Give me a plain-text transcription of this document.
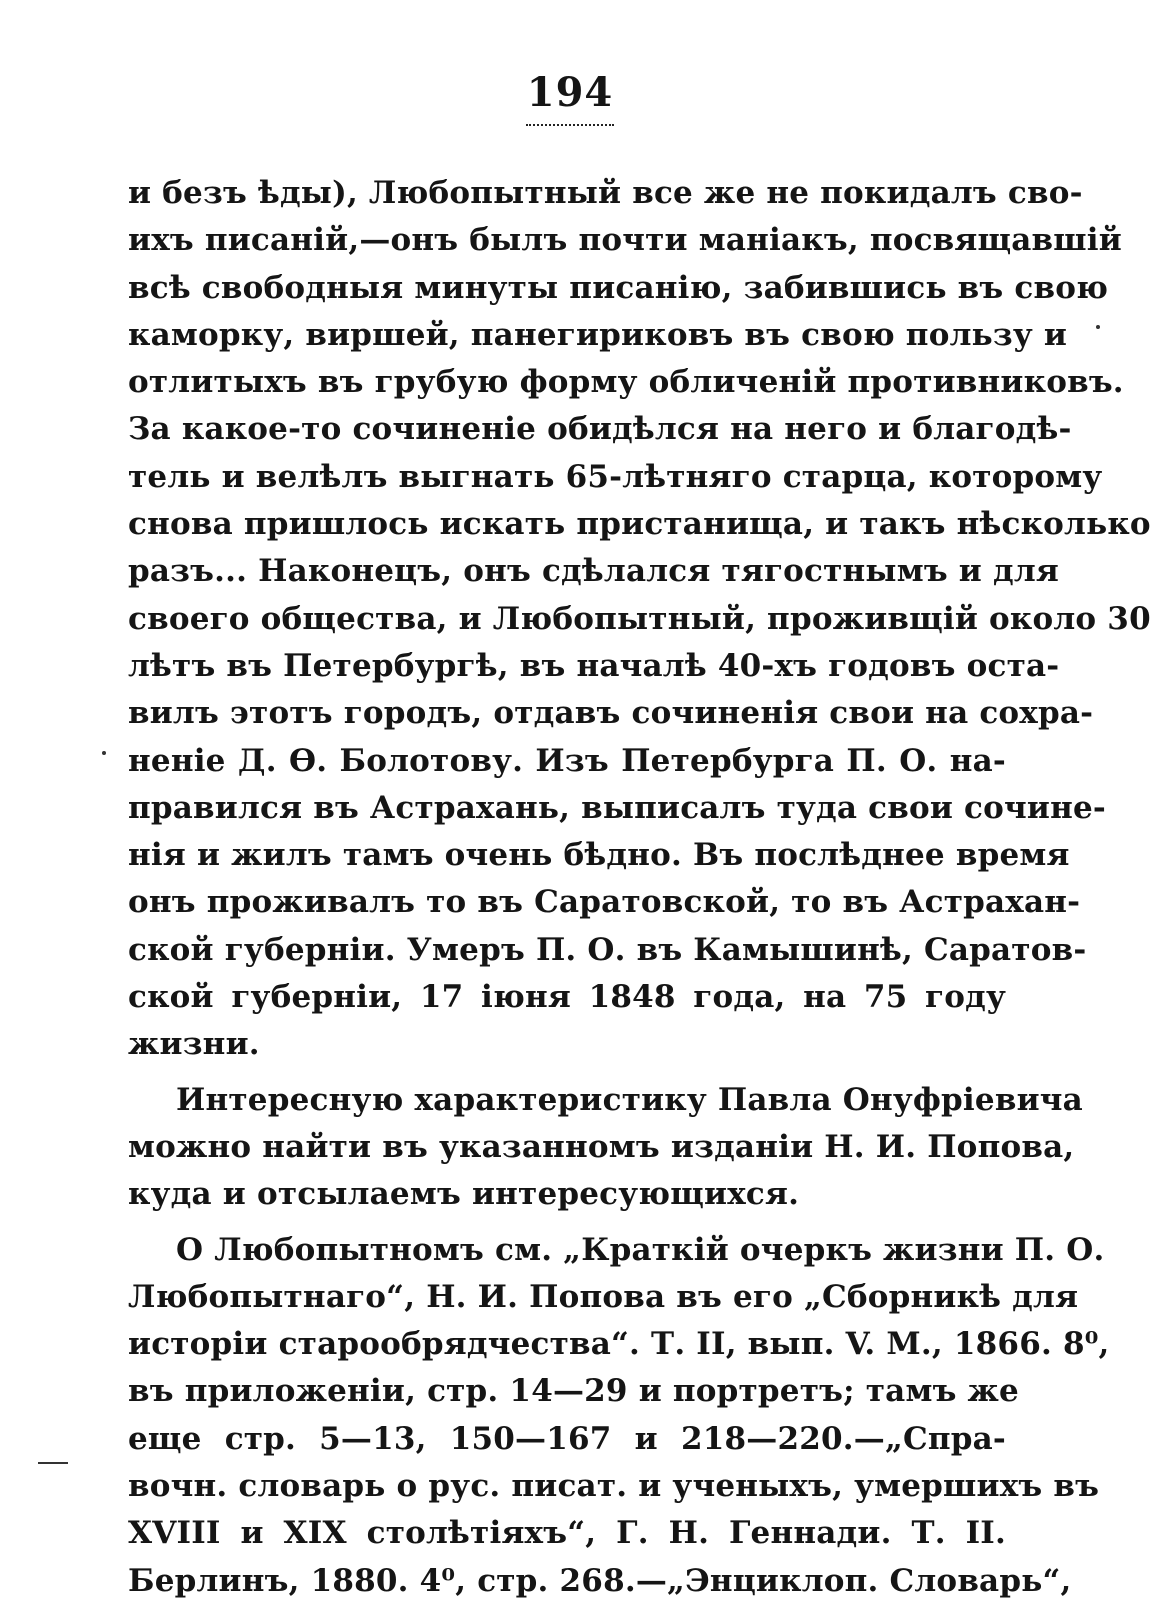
194
и безъ ѣды), Любопытный все же не покидалъ сво-
ихъ писаній,—онъ былъ почти маніакъ, посвящавшій
всѣ свободныя минуты писанію, забившись въ свою
каморку, виршей, панегириковъ въ свою пользу и
отлитыхъ въ грубую форму обличеній противниковъ.
За какое-то сочиненіе обидѣлся на него и благодѣ-
тель и велѣлъ выгнать 65-лѣтняго старца, которому
снова пришлось искать пристанища, и такъ нѣсколько
разъ... Наконецъ, онъ сдѣлался тягостнымъ и для
своего общества, и Любопытный, проживщій около 30
лѣтъ въ Петербургѣ, въ началѣ 40-хъ годовъ оста-
вилъ этотъ городъ, отдавъ сочиненія свои на сохра-
неніе Д. Ѳ. Болотову. Изъ Петербурга П. О. на-
правился въ Астрахань, выписалъ туда свои сочине-
нія и жилъ тамъ очень бѣдно. Въ послѣднее время
онъ проживалъ то въ Саратовской, то въ Астрахан-
ской губерніи. Умеръ П. О. въ Камышинѣ, Саратов-
ской губерніи, 17 іюня 1848 года, на 75 году
жизни.
Интересную характеристику Павла Онуфріевича
можно найти въ указанномъ изданіи Н. И. Попова,
куда и отсылаемъ интересующихся.
О Любопытномъ см. „Краткій очеркъ жизни П. О.
Любопытнаго“, Н. И. Попова въ его „Сборникѣ для
исторіи старообрядчества“. Т. II, вып. V. М., 1866. 8⁰,
въ приложеніи, стр. 14—29 и портретъ; тамъ же
еще стр. 5—13, 150—167 и 218—220.—„Спра-
вочн. словарь о рус. писат. и ученыхъ, умершихъ въ
XVIII и XIX столѣтіяхъ“, Г. Н. Геннади. Т. II.
Берлинъ, 1880. 4⁰, стр. 268.—„Энциклоп. Словарь“,
